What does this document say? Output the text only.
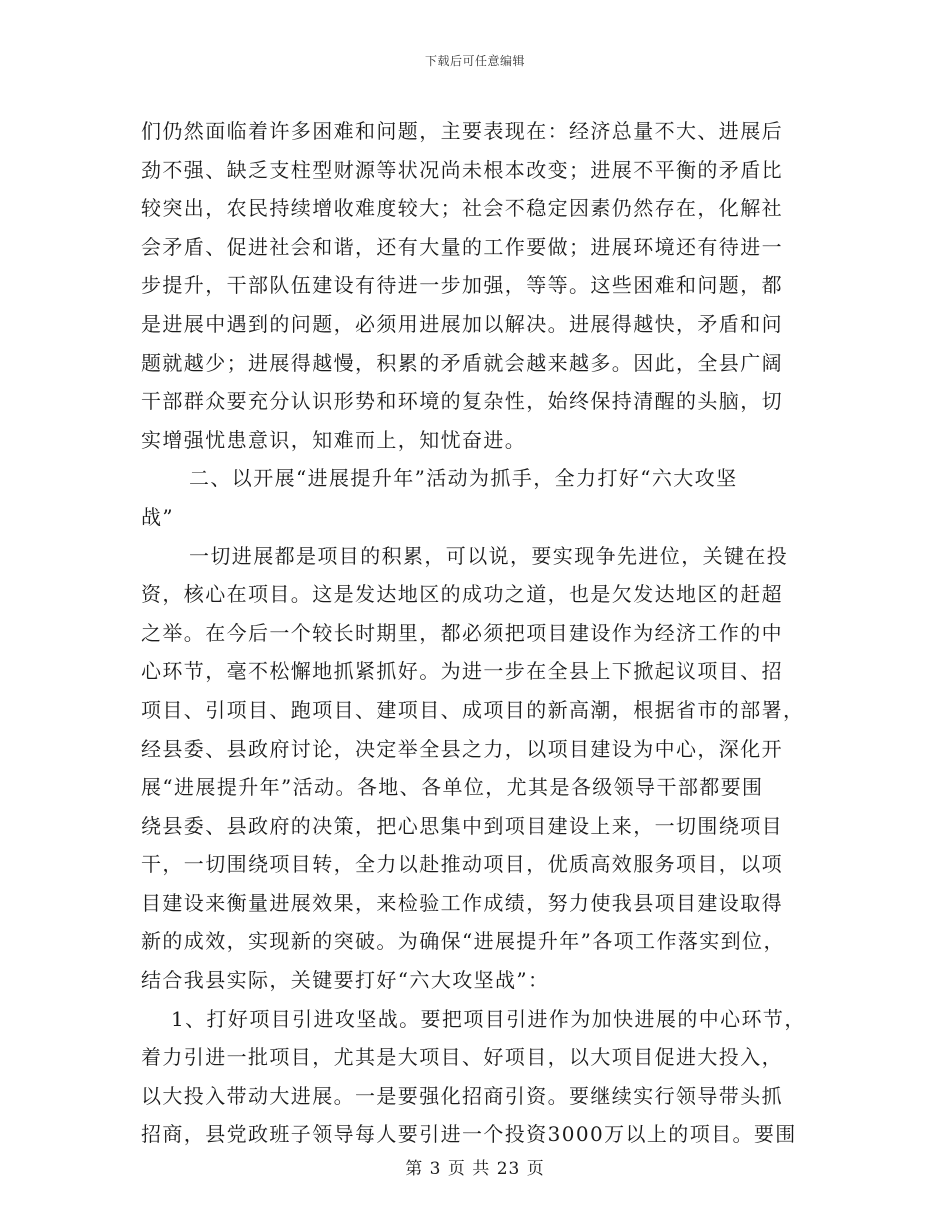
下载后可任意编辑
们仍然面临着许多困难和问题，主要表现在：经济总量不大、进展后
劲不强、缺乏支柱型财源等状况尚未根本改变；进展不平衡的矛盾比
较突出，农民持续增收难度较大；社会不稳定因素仍然存在，化解社
会矛盾、促进社会和谐，还有大量的工作要做；进展环境还有待进一
步提升，干部队伍建设有待进一步加强，等等。这些困难和问题，都
是进展中遇到的问题，必须用进展加以解决。进展得越快，矛盾和问
题就越少；进展得越慢，积累的矛盾就会越来越多。因此，全县广阔
干部群众要充分认识形势和环境的复杂性，始终保持清醒的头脑，切
实增强忧患意识，知难而上，知忧奋进。
二、以开展“进展提升年”活动为抓手，全力打好“六大攻坚
战”
一切进展都是项目的积累，可以说，要实现争先进位，关键在投
资，核心在项目。这是发达地区的成功之道，也是欠发达地区的赶超
之举。在今后一个较长时期里，都必须把项目建设作为经济工作的中
心环节，毫不松懈地抓紧抓好。为进一步在全县上下掀起议项目、招
项目、引项目、跑项目、建项目、成项目的新高潮，根据省市的部署，
经县委、县政府讨论，决定举全县之力，以项目建设为中心，深化开
展“进展提升年”活动。各地、各单位，尤其是各级领导干部都要围
绕县委、县政府的决策，把心思集中到项目建设上来，一切围绕项目
干，一切围绕项目转，全力以赴推动项目，优质高效服务项目，以项
目建设来衡量进展效果，来检验工作成绩，努力使我县项目建设取得
新的成效，实现新的突破。为确保“进展提升年”各项工作落实到位，
结合我县实际，关键要打好“六大攻坚战”：
1、打好项目引进攻坚战。要把项目引进作为加快进展的中心环节，
着力引进一批项目，尤其是大项目、好项目，以大项目促进大投入，
以大投入带动大进展。一是要强化招商引资。要继续实行领导带头抓
招商，县党政班子领导每人要引进一个投资3000万以上的项目。要围
第 3 页 共 23 页
